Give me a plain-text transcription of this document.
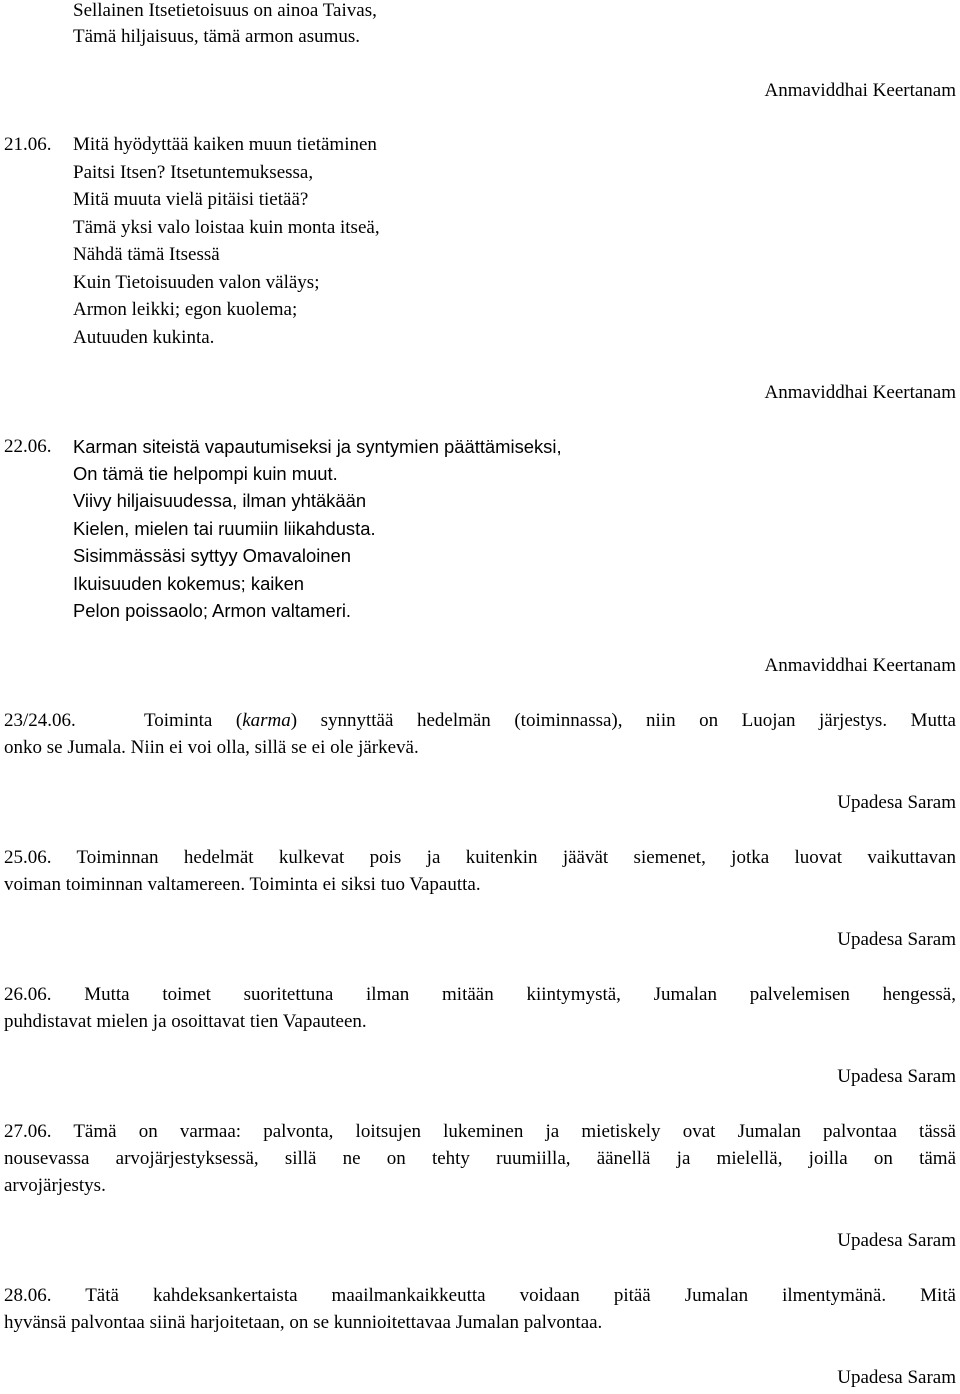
Sellainen Itsetietoisuus on ainoa Taivas,
Tämä hiljaisuus, tämä armon asumus.
Anmaviddhai Keertanam
21.06. Mitä hyödyttää kaiken muun tietäminen
Paitsi Itsen? Itsetuntemuksessa,
Mitä muuta vielä pitäisi tietää?
Tämä yksi valo loistaa kuin monta itseä,
Nähdä tämä Itsessä
Kuin Tietoisuuden valon väläys;
Armon leikki; egon kuolema;
Autuuden kukinta.
Anmaviddhai Keertanam
22.06. Karman siteistä vapautumiseksi ja syntymien päättämiseksi,
On tämä tie helpompi kuin muut.
Viivy hiljaisuudessa, ilman yhtäkään
Kielen, mielen tai ruumiin liikahdusta.
Sisimmässäsi syttyy Omavaloinen
Ikuisuuden kokemus; kaiken
Pelon poissaolo; Armon valtameri.
Anmaviddhai Keertanam
23/24.06.	Toiminta (karma) synnyttää hedelmän (toiminnassa), niin on Luojan järjestys. Mutta
onko se Jumala. Niin ei voi olla, sillä se ei ole järkevä.
Upadesa Saram
25.06. Toiminnan hedelmät kulkevat pois ja kuitenkin jäävät siemenet, jotka luovat vaikuttavan
voiman toiminnan valtamereen. Toiminta ei siksi tuo Vapautta.
Upadesa Saram
26.06. Mutta toimet suoritettuna ilman mitään kiintymystä, Jumalan palvelemisen hengessä,
puhdistavat mielen ja osoittavat tien Vapauteen.
Upadesa Saram
27.06. Tämä on varmaa: palvonta, loitsujen lukeminen ja mietiskely ovat Jumalan palvontaa tässä
nousevassa arvojärjestyksessä, sillä ne on tehty ruumiilla, äänellä ja mielellä, joilla on tämä
arvojärjestys.
Upadesa Saram
28.06. Tätä kahdeksankertaista maailmankaikkeutta voidaan pitää Jumalan ilmentymänä. Mitä
hyvänsä palvontaa siinä harjoitetaan, on se kunnioitettavaa Jumalan palvontaa.
Upadesa Saram
